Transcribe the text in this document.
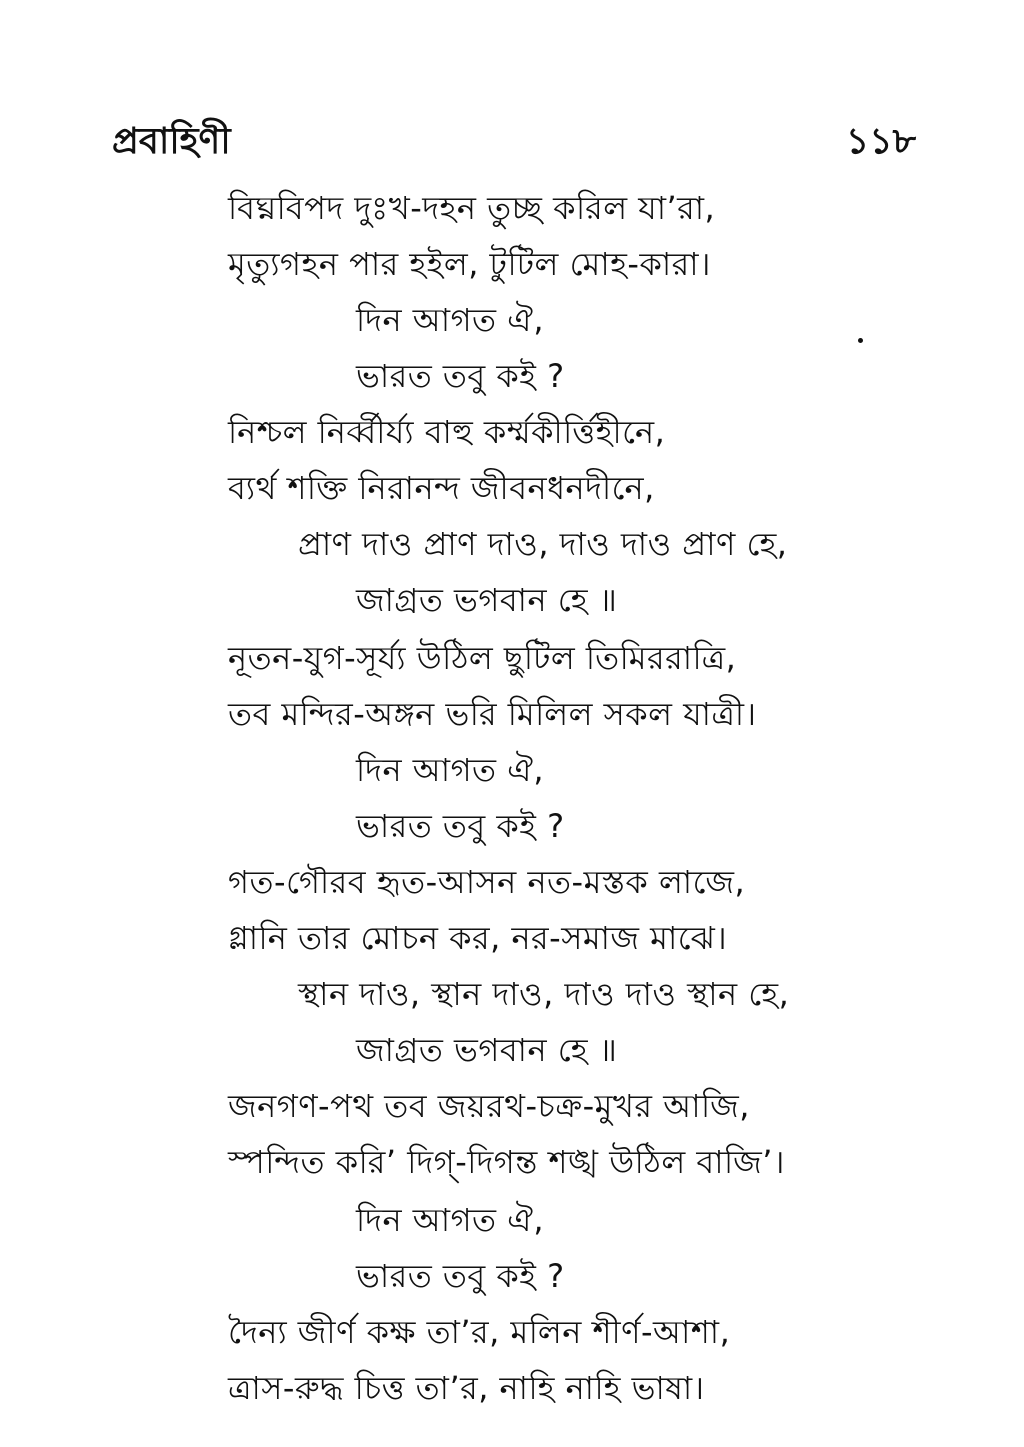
প্রবাহিণী	১১৮
বিঘ্নবিপদ দুঃখ-দহন তুচ্ছ করিল যা’রা,
মৃত্যুগহন পার হইল, টুটিল মোহ-কারা।
দিন আগত ঐ,
ভারত তবু কই ?
নিশ্চল নির্ব্বীর্য্য বাহু কর্ম্মকীর্ত্তিহীনে,
ব্যর্থ শক্তি নিরানন্দ জীবনধনদীনে,
প্রাণ দাও প্রাণ দাও, দাও দাও প্রাণ হে,
জাগ্রত ভগবান হে ॥
নূতন-যুগ-সূর্য্য উঠিল ছুটিল তিমিররাত্রি,
তব মন্দির-অঙ্গন ভরি মিলিল সকল যাত্রী।
দিন আগত ঐ,
ভারত তবু কই ?
গত-গৌরব হৃত-আসন নত-মস্তক লাজে,
গ্লানি তার মোচন কর, নর-সমাজ মাঝে।
স্থান দাও, স্থান দাও, দাও দাও স্থান হে,
জাগ্রত ভগবান হে ॥
জনগণ-পথ তব জয়রথ-চক্র-মুখর আজি,
স্পন্দিত করি’ দিগ্-দিগন্ত শঙ্খ উঠিল বাজি’।
দিন আগত ঐ,
ভারত তবু কই ?
দৈন্য জীর্ণ কক্ষ তা’র, মলিন শীর্ণ-আশা,
ত্রাস-রুদ্ধ চিত্ত তা’র, নাহি নাহি ভাষা।
